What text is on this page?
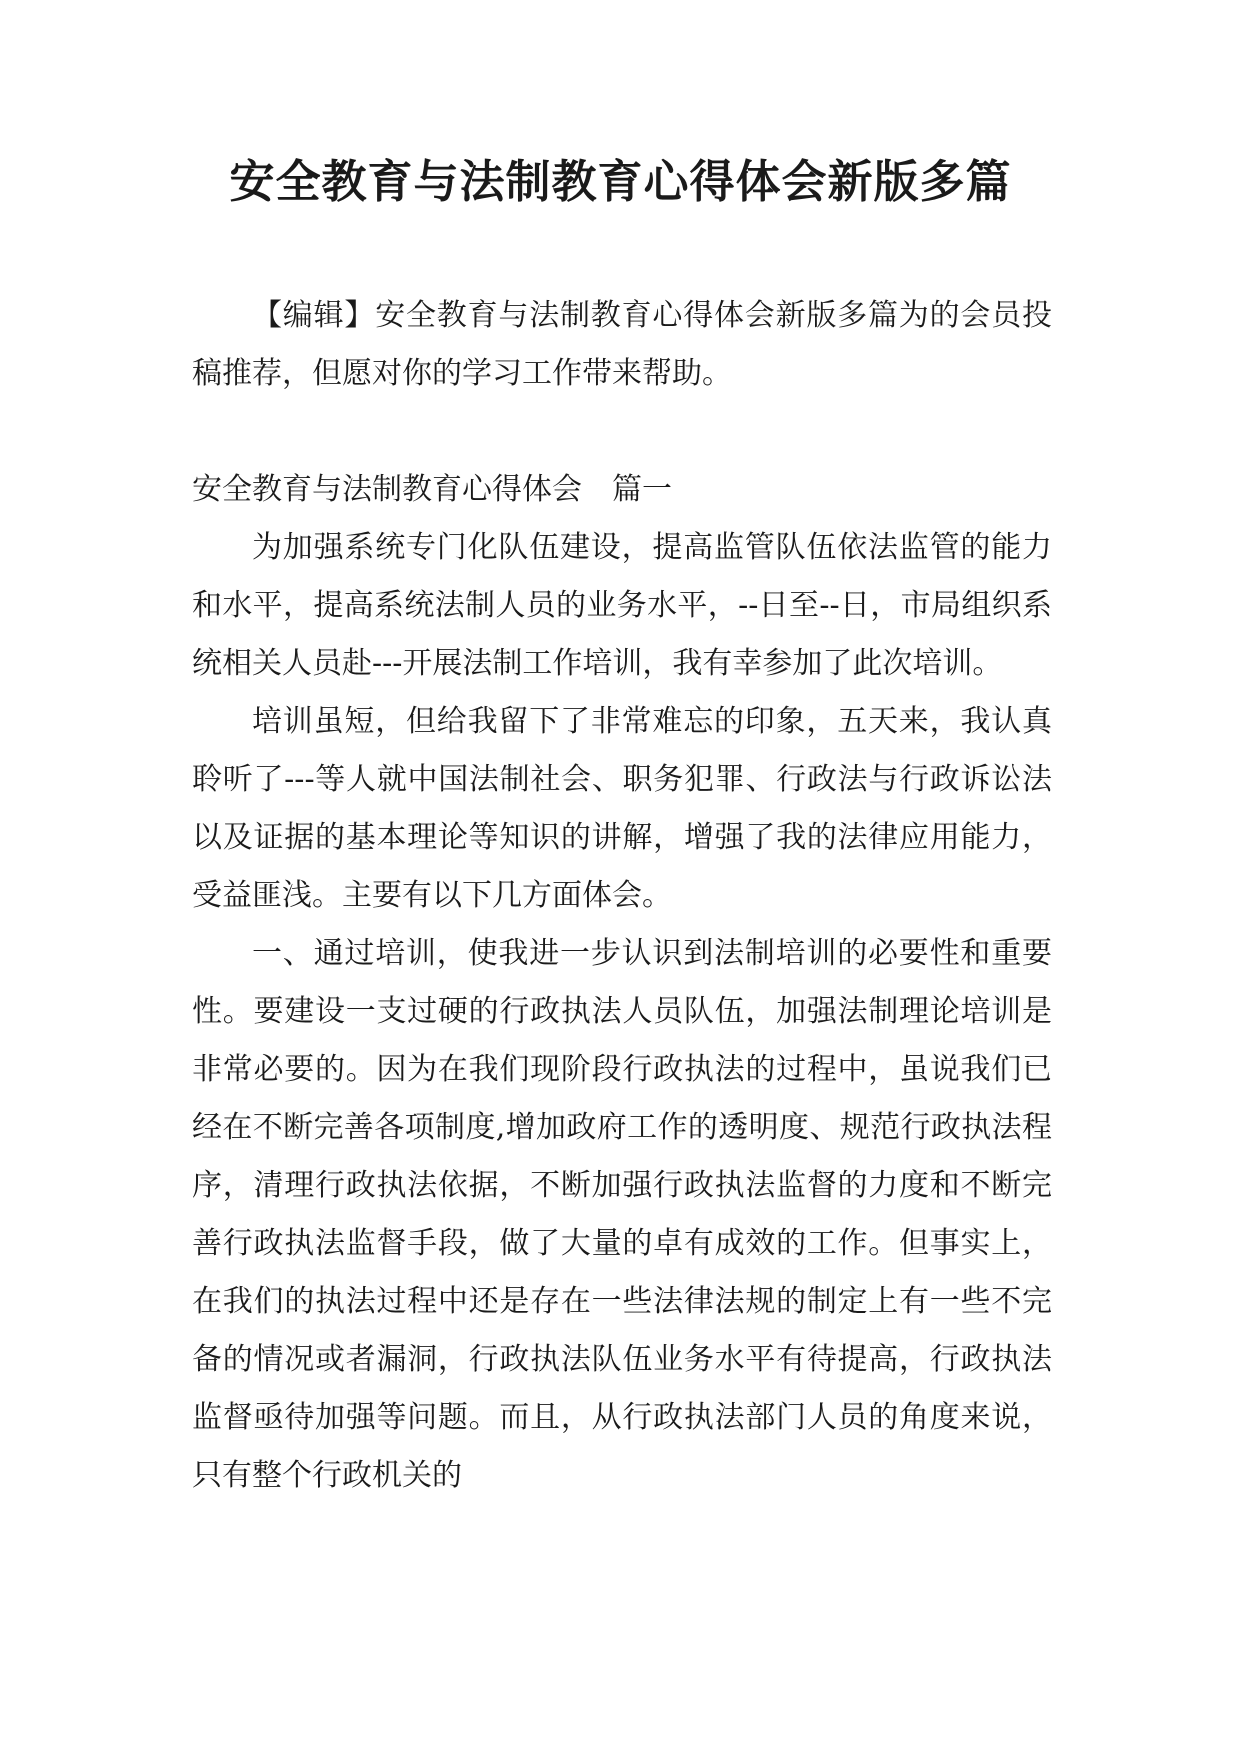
安全教育与法制教育心得体会新版多篇

【编辑】安全教育与法制教育心得体会新版多篇为的会员投稿推荐，但愿对你的学习工作带来帮助。

安全教育与法制教育心得体会 篇一

为加强系统专门化队伍建设，提高监管队伍依法监管的能力和水平，提高系统法制人员的业务水平，--日至--日，市局组织系统相关人员赴---开展法制工作培训，我有幸参加了此次培训。

培训虽短，但给我留下了非常难忘的印象，五天来，我认真聆听了---等人就中国法制社会、职务犯罪、行政法与行政诉讼法以及证据的基本理论等知识的讲解，增强了我的法律应用能力，受益匪浅。主要有以下几方面体会。

一、通过培训，使我进一步认识到法制培训的必要性和重要性。要建设一支过硬的行政执法人员队伍，加强法制理论培训是非常必要的。因为在我们现阶段行政执法的过程中，虽说我们已经在不断完善各项制度,增加政府工作的透明度、规范行政执法程序，清理行政执法依据，不断加强行政执法监督的力度和不断完善行政执法监督手段，做了大量的卓有成效的工作。但事实上，在我们的执法过程中还是存在一些法律法规的制定上有一些不完备的情况或者漏洞，行政执法队伍业务水平有待提高，行政执法监督亟待加强等问题。而且，从行政执法部门人员的角度来说，只有整个行政机关的
